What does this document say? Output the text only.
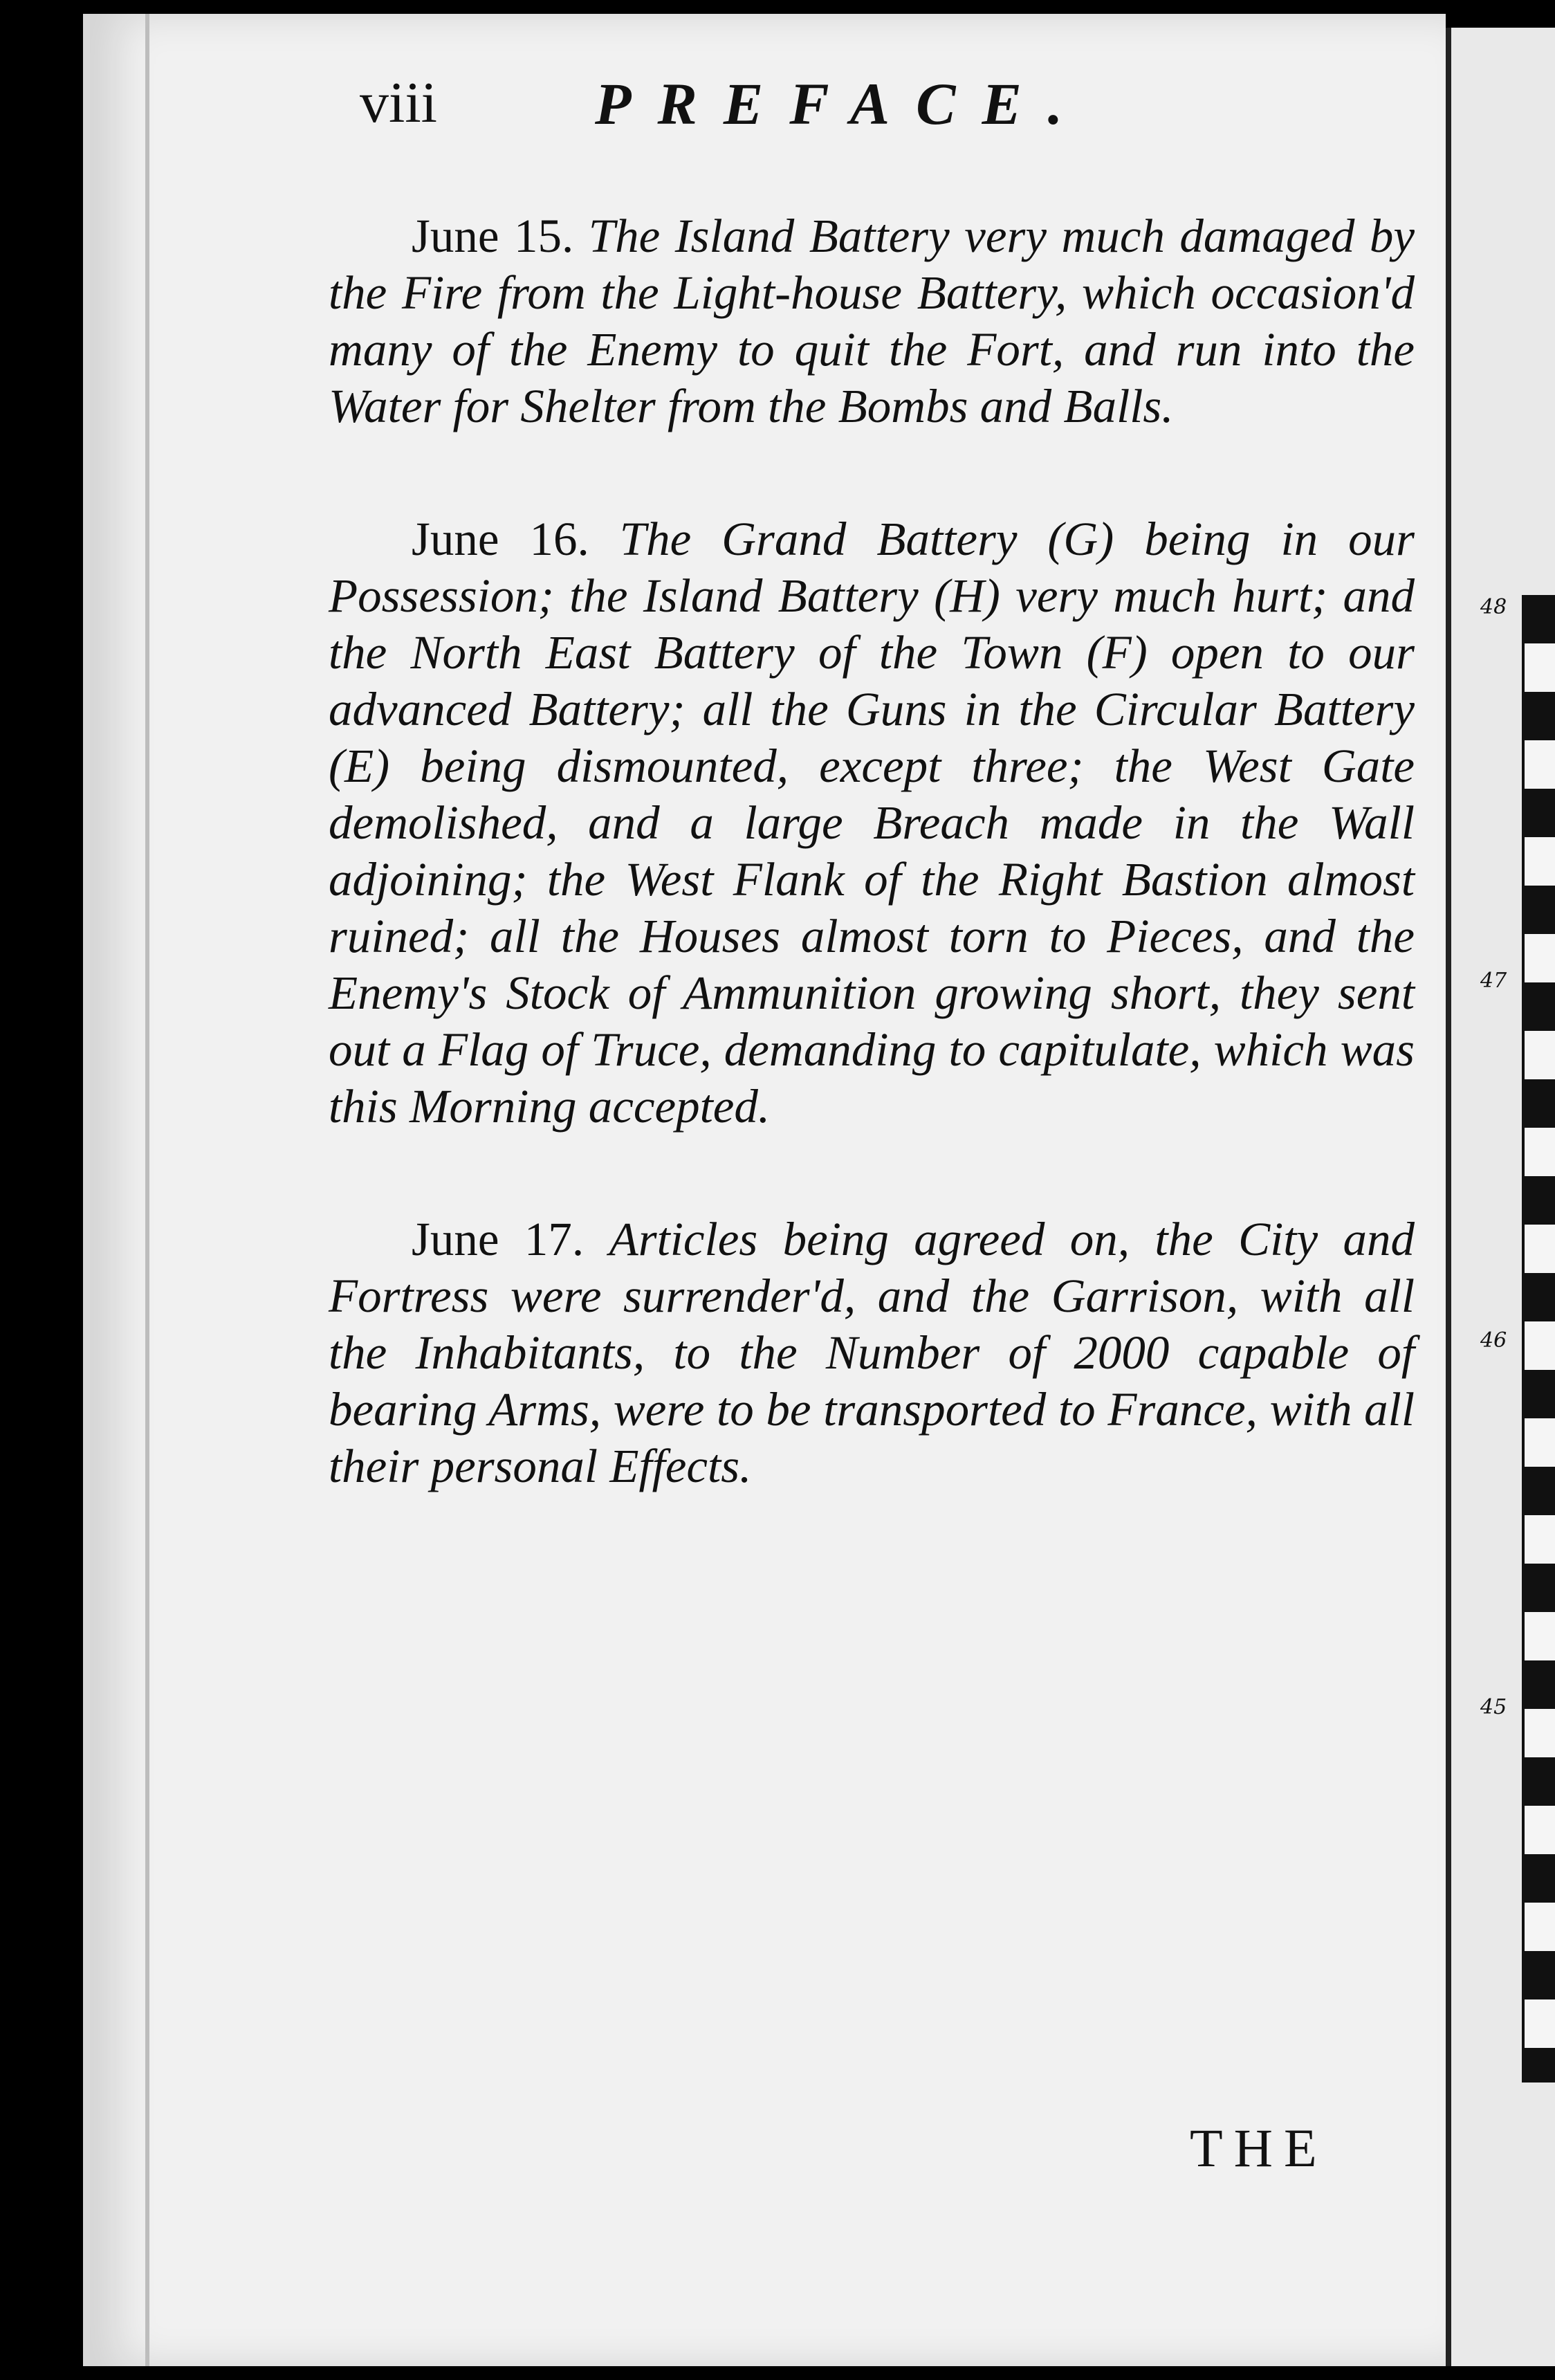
48
47
46
45
viii	PREFACE.

June 15. The Island Battery very much damaged by the Fire from the Light-house Battery, which occasion'd many of the Enemy to quit the Fort, and run into the Water for Shelter from the Bombs and Balls.

June 16. The Grand Battery (G) being in our Possession; the Island Battery (H) very much hurt; and the North East Battery of the Town (F) open to our advanced Battery; all the Guns in the Circular Battery (E) being dismounted, except three; the West Gate demolished, and a large Breach made in the Wall adjoining; the West Flank of the Right Bastion almost ruined; all the Houses almost torn to Pieces, and the Enemy's Stock of Ammunition growing short, they sent out a Flag of Truce, demanding to capitulate, which was this Morning accepted.

June 17. Articles being agreed on, the City and Fortress were surrender'd, and the Garrison, with all the Inhabitants, to the Number of 2000 capable of bearing Arms, were to be transported to France, with all their personal Effects.

THE
